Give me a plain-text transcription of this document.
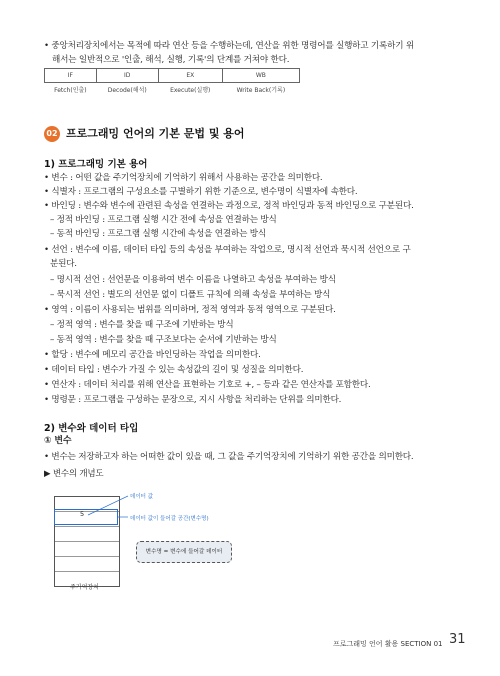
• 중앙처리장치에서는 목적에 따라 연산 등을 수행하는데, 연산을 위한 명령어를 실행하고 기록하기 위
해서는 일반적으로 '인출, 해석, 실행, 기록'의 단계를 거쳐야 한다.
IF	ID	EX	WB
Fetch(인출)	Decode(해석)	Execute(실행)	Write Back(기록)
02 프로그래밍 언어의 기본 문법 및 용어
1) 프로그래밍 기본 용어
• 변수 : 어떤 값을 주기억장치에 기억하기 위해서 사용하는 공간을 의미한다.
• 식별자 : 프로그램의 구성요소를 구별하기 위한 기준으로, 변수명이 식별자에 속한다.
• 바인딩 : 변수와 변수에 관련된 속성을 연결하는 과정으로, 정적 바인딩과 동적 바인딩으로 구분된다.
– 정적 바인딩 : 프로그램 실행 시간 전에 속성을 연결하는 방식
– 동적 바인딩 : 프로그램 실행 시간에 속성을 연결하는 방식
• 선언 : 변수에 이름, 데이터 타입 등의 속성을 부여하는 작업으로, 명시적 선언과 묵시적 선언으로 구
분된다.
– 명시적 선언 : 선언문을 이용하여 변수 이름을 나열하고 속성을 부여하는 방식
– 묵시적 선언 : 별도의 선언문 없이 디폴트 규칙에 의해 속성을 부여하는 방식
• 영역 : 이름이 사용되는 범위를 의미하며, 정적 영역과 동적 영역으로 구분된다.
– 정적 영역 : 변수를 찾을 때 구조에 기반하는 방식
– 동적 영역 : 변수를 찾을 때 구조보다는 순서에 기반하는 방식
• 할당 : 변수에 메모리 공간을 바인딩하는 작업을 의미한다.
• 데이터 타입 : 변수가 가질 수 있는 속성값의 길이 및 성질을 의미한다.
• 연산자 : 데이터 처리를 위해 연산을 표현하는 기호로 +, – 등과 같은 연산자를 포함한다.
• 명령문 : 프로그램을 구성하는 문장으로, 지시 사항을 처리하는 단위를 의미한다.
2) 변수와 데이터 타입
① 변수
• 변수는 저장하고자 하는 어떠한 값이 있을 때, 그 값을 주기억장치에 기억하기 위한 공간을 의미한다.
▶ 변수의 개념도
5
데이터 값
데이터 값이 들어갈 공간(변수명)
변수명 = 변수에 들어갈 데이터
주기억장치
프로그래밍 언어 활용 SECTION 01 31
